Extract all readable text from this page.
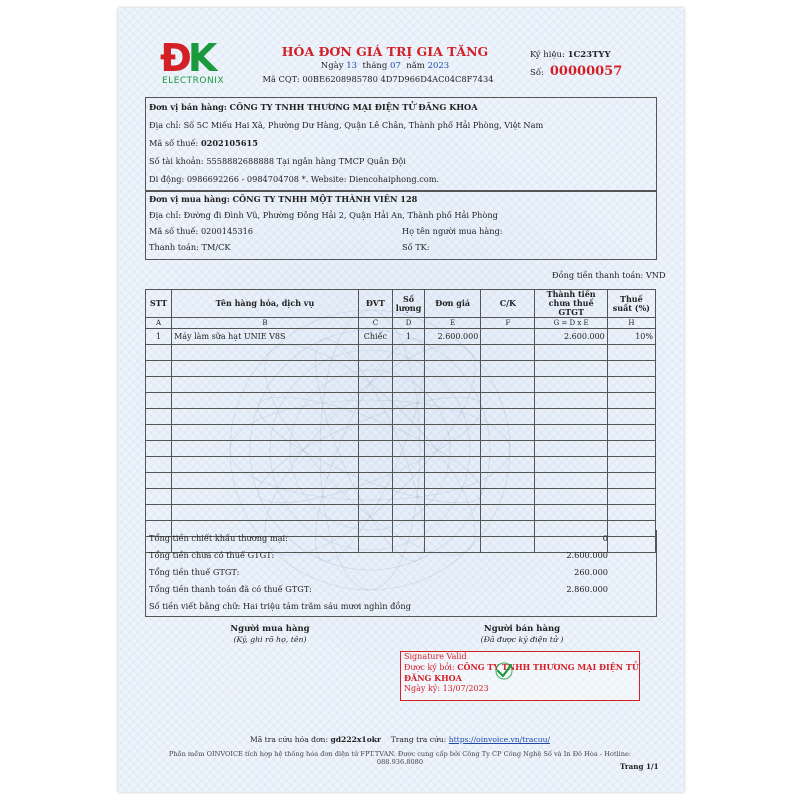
ĐK
ELECTRONIX
HÓA ĐƠN GIÁ TRỊ GIA TĂNG
Ngày 13 tháng 07 năm 2023
Mã CQT: 00BE6208985780 4D7D966D4AC04C8F7434
Ký hiệu: 1C23TYY
Số: 00000057
Đơn vị bán hàng: CÔNG TY TNHH THƯƠNG MẠI ĐIỆN TỬ ĐĂNG KHOA
Địa chỉ: Số 5C Miếu Hai Xã, Phường Dư Hàng, Quận Lê Chân, Thành phố Hải Phòng, Việt Nam
Mã số thuế: 0202105615
Số tài khoản: 5558882688888 Tại ngân hàng TMCP Quân Đội
Di động: 0986692266 - 0984704708 *. Website: Diencohaiphong.com.
Đơn vị mua hàng: CÔNG TY TNHH MỘT THÀNH VIÊN 128
Địa chỉ: Đường đi Đình Vũ, Phường Đông Hải 2, Quận Hải An, Thành phố Hải Phòng
Mã số thuế: 0200145316	Họ tên người mua hàng:
Thanh toán: TM/CK	Số TK:
Đồng tiền thanh toán: VND
STT	Tên hàng hóa, dịch vụ	ĐVT	Số lượng	Đơn giá	C/K	Thành tiền chưa thuế GTGT	Thuế suất (%)
A	B	C	D	E	F	G = D x E	H
1	Máy làm sữa hạt UNIE V8S	Chiếc	1	2.600.000		2.600.000	10%

Tổng tiền chiết khấu thương mại:	0
Tổng tiền chưa có thuế GTGT:	2.600.000
Tổng tiền thuế GTGT:	260.000
Tổng tiền thanh toán đã có thuế GTGT:	2.860.000
Số tiền viết bằng chữ: Hai triệu tám trăm sáu mươi nghìn đồng
Người mua hàng
(Ký, ghi rõ họ, tên)
Người bán hàng
(Đã được ký điện tử )
Signature Valid
Được ký bởi: CÔNG TY TNHH THƯƠNG MẠI ĐIỆN TỬ ĐĂNG KHOA
Ngày ký: 13/07/2023
Mã tra cứu hóa đơn: gd222x1okr Trang tra cứu: https://oinvoice.vn/tracuu/
Phần mềm OINVOICE tích hợp hệ thống hóa đơn điện tử FPT.TVAN. Được cung cấp bởi Công Ty CP Công Nghệ Số và In Đô Hòa - Hotline: 088.936.8080	Trang 1/1
